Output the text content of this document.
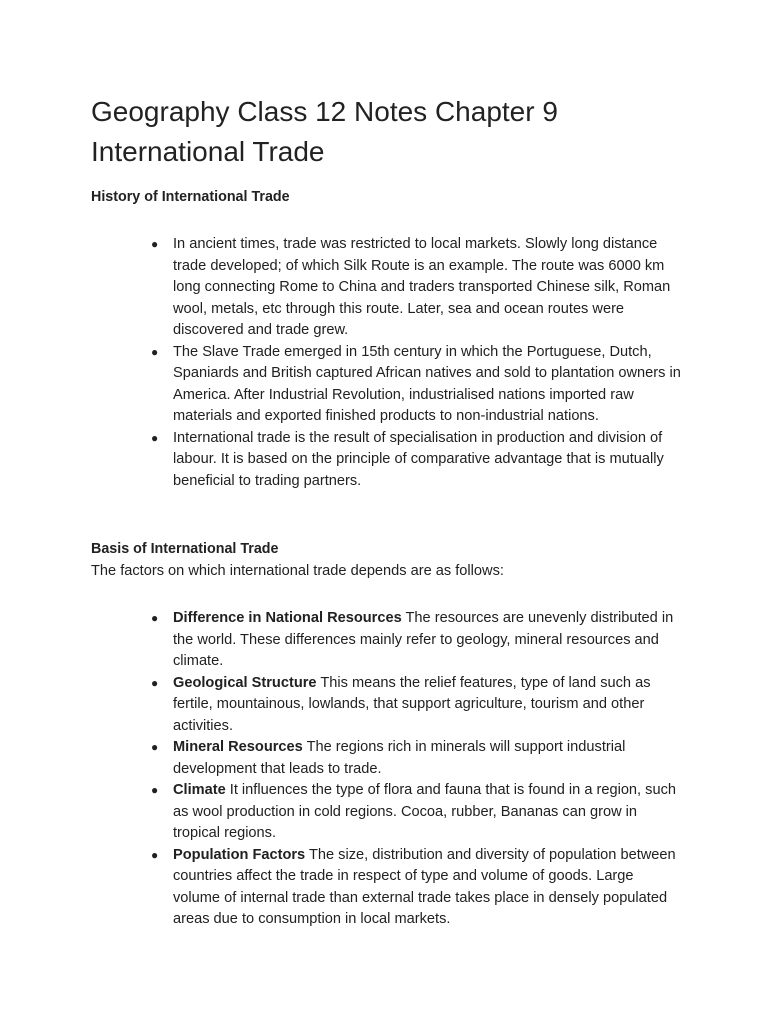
Geography Class 12 Notes Chapter 9 International Trade
History of International Trade
● In ancient times, trade was restricted to local markets. Slowly long distance trade developed; of which Silk Route is an example. The route was 6000 km long connecting Rome to China and traders transported Chinese silk, Roman wool, metals, etc through this route. Later, sea and ocean routes were discovered and trade grew.
● The Slave Trade emerged in 15th century in which the Portuguese, Dutch, Spaniards and British captured African natives and sold to plantation owners in America. After Industrial Revolution, industrialised nations imported raw materials and exported finished products to non-industrial nations.
● International trade is the result of specialisation in production and division of labour. It is based on the principle of comparative advantage that is mutually beneficial to trading partners.
Basis of International Trade
The factors on which international trade depends are as follows:
● Difference in National Resources The resources are unevenly distributed in the world. These differences mainly refer to geology, mineral resources and climate.
● Geological Structure This means the relief features, type of land such as fertile, mountainous, lowlands, that support agriculture, tourism and other activities.
● Mineral Resources The regions rich in minerals will support industrial development that leads to trade.
● Climate It influences the type of flora and fauna that is found in a region, such as wool production in cold regions. Cocoa, rubber, Bananas can grow in tropical regions.
● Population Factors The size, distribution and diversity of population between countries affect the trade in respect of type and volume of goods. Large volume of internal trade than external trade takes place in densely populated areas due to consumption in local markets.
